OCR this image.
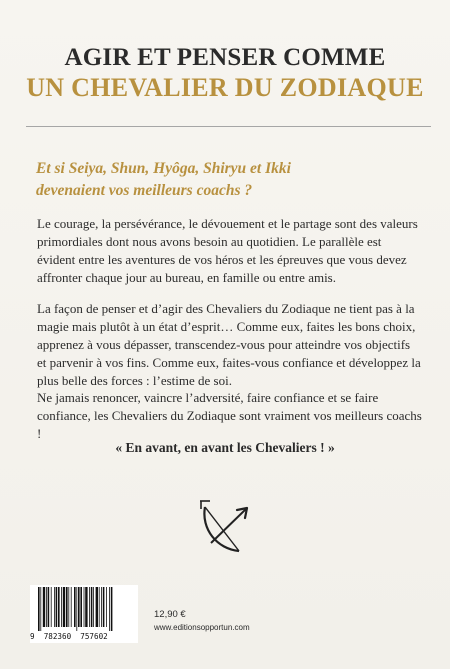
AGIR ET PENSER COMME
UN CHEVALIER DU ZODIAQUE
Et si Seiya, Shun, Hyôga, Shiryu et Ikki devenaient vos meilleurs coachs ?
Le courage, la persévérance, le dévouement et le partage sont des valeurs primordiales dont nous avons besoin au quotidien. Le parallèle est évident entre les aventures de vos héros et les épreuves que vous devez affronter chaque jour au bureau, en famille ou entre amis.
La façon de penser et d’agir des Chevaliers du Zodiaque ne tient pas à la magie mais plutôt à un état d’esprit… Comme eux, faites les bons choix, apprenez à vous dépasser, transcendez-vous pour atteindre vos objectifs et parvenir à vos fins. Comme eux, faites-vous confiance et développez la plus belle des forces : l’estime de soi.
Ne jamais renoncer, vaincre l’adversité, faire confiance et se faire confiance, les Chevaliers du Zodiaque sont vraiment vos meilleurs coachs !
« En avant, en avant les Chevaliers ! »
9  782360  757602
12,90 €
www.editionsopportun.com
